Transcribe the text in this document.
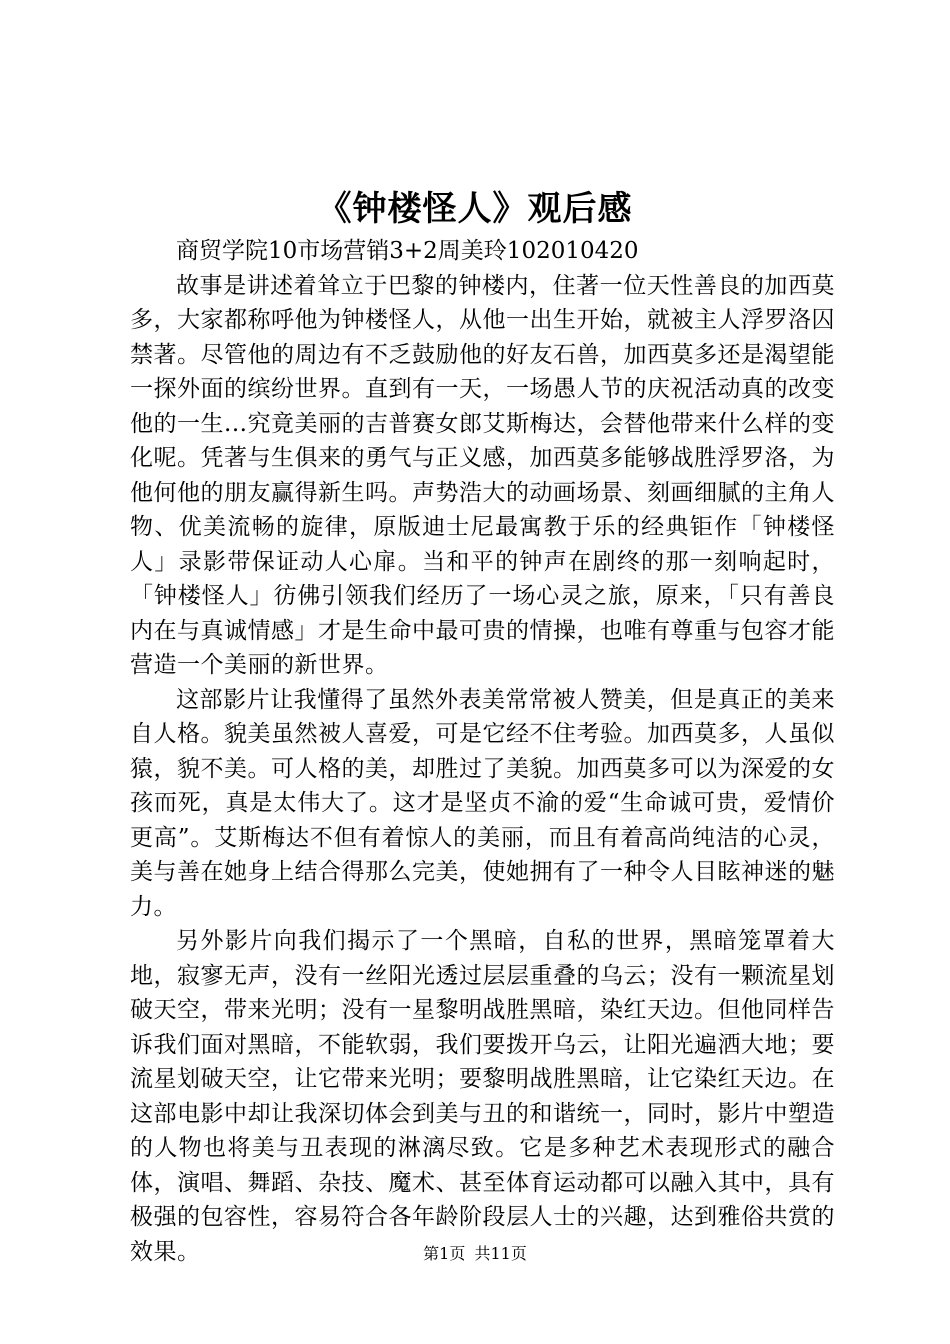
《钟楼怪人》观后感

商贸学院10市场营销3+2周美玲102010420

故事是讲述着耸立于巴黎的钟楼内，住著一位天性善良的加西莫多，大家都称呼他为钟楼怪人，从他一出生开始，就被主人浮罗洛囚禁著。尽管他的周边有不乏鼓励他的好友石兽，加西莫多还是渴望能一探外面的缤纷世界。直到有一天，一场愚人节的庆祝活动真的改变他的一生...究竟美丽的吉普赛女郎艾斯梅达，会替他带来什么样的变化呢。凭著与生俱来的勇气与正义感，加西莫多能够战胜浮罗洛，为他何他的朋友赢得新生吗。声势浩大的动画场景、刻画细腻的主角人物、优美流畅的旋律，原版迪士尼最寓教于乐的经典钜作「钟楼怪人」录影带保证动人心扉。当和平的钟声在剧终的那一刻响起时，「钟楼怪人」彷佛引领我们经历了一场心灵之旅，原来，「只有善良内在与真诚情感」才是生命中最可贵的情操，也唯有尊重与包容才能营造一个美丽的新世界。

这部影片让我懂得了虽然外表美常常被人赞美，但是真正的美来自人格。貌美虽然被人喜爱，可是它经不住考验。加西莫多，人虽似猿，貌不美。可人格的美，却胜过了美貌。加西莫多可以为深爱的女孩而死，真是太伟大了。这才是坚贞不渝的爱“生命诚可贵，爱情价更高”。艾斯梅达不但有着惊人的美丽，而且有着高尚纯洁的心灵，美与善在她身上结合得那么完美，使她拥有了一种令人目眩神迷的魅力。

另外影片向我们揭示了一个黑暗，自私的世界，黑暗笼罩着大地，寂寥无声，没有一丝阳光透过层层重叠的乌云；没有一颗流星划破天空，带来光明；没有一星黎明战胜黑暗，染红天边。但他同样告诉我们面对黑暗，不能软弱，我们要拨开乌云，让阳光遍洒大地；要流星划破天空，让它带来光明；要黎明战胜黑暗，让它染红天边。在这部电影中却让我深切体会到美与丑的和谐统一，同时，影片中塑造的人物也将美与丑表现的淋漓尽致。它是多种艺术表现形式的融合体，演唱、舞蹈、杂技、魔术、甚至体育运动都可以融入其中，具有极强的包容性，容易符合各年龄阶段层人士的兴趣，达到雅俗共赏的效果。	第1页 共11页
